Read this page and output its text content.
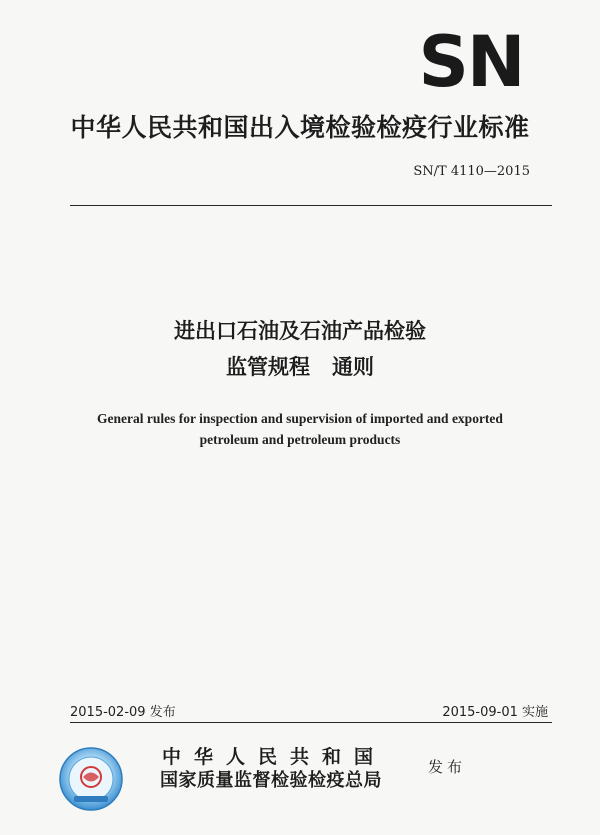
SN
中华人民共和国出入境检验检疫行业标准
SN/T 4110—2015
进出口石油及石油产品检验
监管规程   通则
General rules for inspection and supervision of imported and exported
petroleum and petroleum products
2015-02-09 发布	2015-09-01 实施
中华人民共和国
国家质量监督检验检疫总局
发布
